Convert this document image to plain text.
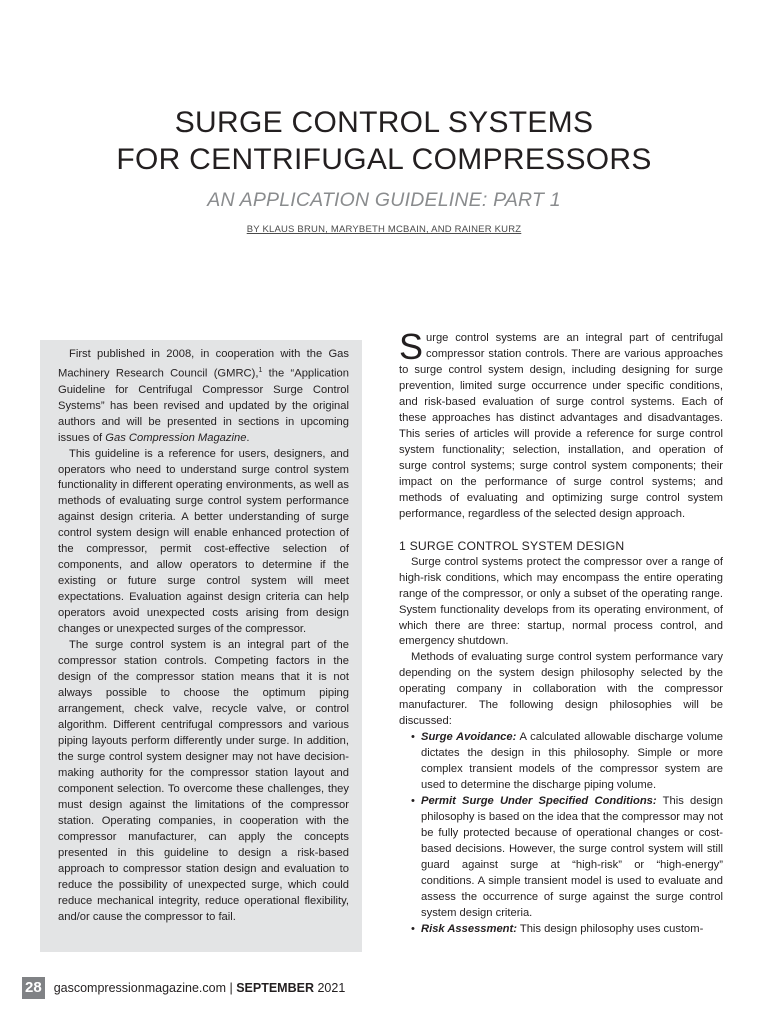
SURGE CONTROL SYSTEMS
FOR CENTRIFUGAL COMPRESSORS
AN APPLICATION GUIDELINE: PART 1
BY KLAUS BRUN, MARYBETH MCBAIN, AND RAINER KURZ

First published in 2008, in cooperation with the Gas Machinery Research Council (GMRC),$^1$ the “Application Guideline for Centrifugal Compressor Surge Control Systems” has been revised and updated by the original authors and will be presented in sections in upcoming issues of Gas Compression Magazine.

This guideline is a reference for users, designers, and operators who need to understand surge control system functionality in different operating environments, as well as methods of evaluating surge control system performance against design criteria. A better understanding of surge control system design will enable enhanced protection of the compressor, permit cost-effective selection of components, and allow operators to determine if the existing or future surge control system will meet expectations. Evaluation against design criteria can help operators avoid unexpected costs arising from design changes or unexpected surges of the compressor.

The surge control system is an integral part of the compressor station controls. Competing factors in the design of the compressor station means that it is not always possible to choose the optimum piping arrangement, check valve, recycle valve, or control algorithm. Different centrifugal compressors and various piping layouts perform differently under surge. In addition, the surge control system designer may not have decision-making authority for the compressor station layout and component selection. To overcome these challenges, they must design against the limitations of the compressor station. Operating companies, in cooperation with the compressor manufacturer, can apply the concepts presented in this guideline to design a risk-based approach to compressor station design and evaluation to reduce the possibility of unexpected surge, which could reduce mechanical integrity, reduce operational flexibility, and/or cause the compressor to fail.

Surge control systems are an integral part of centrifugal compressor station controls. There are various approaches to surge control system design, including designing for surge prevention, limited surge occurrence under specific conditions, and risk-based evaluation of surge control systems. Each of these approaches has distinct advantages and disadvantages. This series of articles will provide a reference for surge control system functionality; selection, installation, and operation of surge control systems; surge control system components; their impact on the performance of surge control systems; and methods of evaluating and optimizing surge control system performance, regardless of the selected design approach.

1 SURGE CONTROL SYSTEM DESIGN

Surge control systems protect the compressor over a range of high-risk conditions, which may encompass the entire operating range of the compressor, or only a subset of the operating range. System functionality develops from its operating environment, of which there are three: startup, normal process control, and emergency shutdown.

Methods of evaluating surge control system performance vary depending on the system design philosophy selected by the operating company in collaboration with the compressor manufacturer. The following design philosophies will be discussed:

• Surge Avoidance: A calculated allowable discharge volume dictates the design in this philosophy. Simple or more complex transient models of the compressor system are used to determine the discharge piping volume.
• Permit Surge Under Specified Conditions: This design philosophy is based on the idea that the compressor may not be fully protected because of operational changes or cost-based decisions. However, the surge control system will still guard against surge at “high-risk” or “high-energy” conditions. A simple transient model is used to evaluate and assess the occurrence of surge against the surge control system design criteria.
• Risk Assessment: This design philosophy uses custom-
28 gascompressionmagazine.com | SEPTEMBER 2021
